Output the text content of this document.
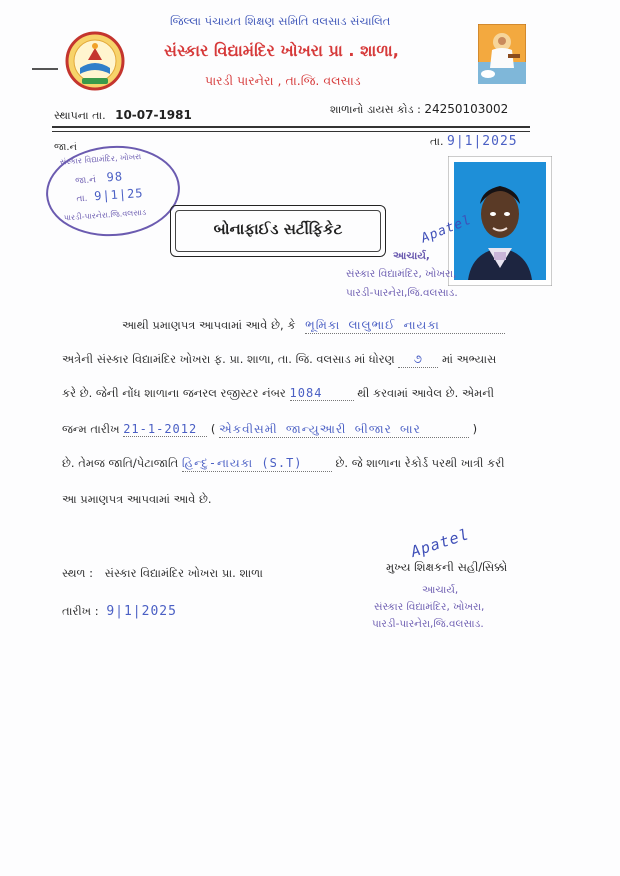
જિલ્લા પંચાયત શિક્ષણ સમિતિ વલસાડ સંચાલિત
સંસ્કાર વિદ્યામંદિર ખોખરા પ્રા . શાળા,
પારડી પારનેરા , તા.જિ. વલસાડ
સ્થાપના તા. 10-07-1981	શાળાનો ડાયસ કોડ : 24250103002
જા.નં	તા. 9|1|2025
સંસ્કાર વિદ્યામંદિર, ખોખરા
જા.નં 98
તા. 9|1|25
પારડી-પારનેરા.જિ.વલસાડ
બોનાફાઈડ સર્ટીફિકેટ	Apatel
આચાર્ય,
સંસ્કાર વિદ્યામંદિર, ખોખરા,
પારડી-પારનેરા,જિ.વલસાડ.
આથી પ્રમાણપત્ર આપવામાં આવે છે, કે ભૂમિકા લાલુભાઈ નાયકા
અત્રેની સંસ્કાર વિદ્યામંદિર ખોખરા ફ. પ્રા. શાળા, તા. જિ. વલસાડ માં ધોરણ ૭ માં અભ્યાસ
કરે છે. જેની નોંધ શાળાના જનરલ રજીસ્ટર નંબર 1084	થી કરવામાં આવેલ છે. એમની
જન્મ તારીખ 21-1-2012 ( એકવીસમી જાન્યુઆરી બીજાર બાર	)
છે. તેમજ જાતિ/પેટાજાતિ હિન્દુ-નાયકા (S.T)	છે. જે શાળાના રેકોર્ડ પરથી ખાત્રી કરી
આ પ્રમાણપત્ર આપવામાં આવે છે.
Apatel
મુખ્ય શિક્ષકની સહી/સિક્કો
સ્થળ : સંસ્કાર વિદ્યામંદિર ખોખરા પ્રા. શાળા
તારીખ : 9|1|2025
આચાર્ય,
સંસ્કાર વિદ્યામંદિર, ખોખરા,
પારડી-પારનેરા,જિ.વલસાડ.
